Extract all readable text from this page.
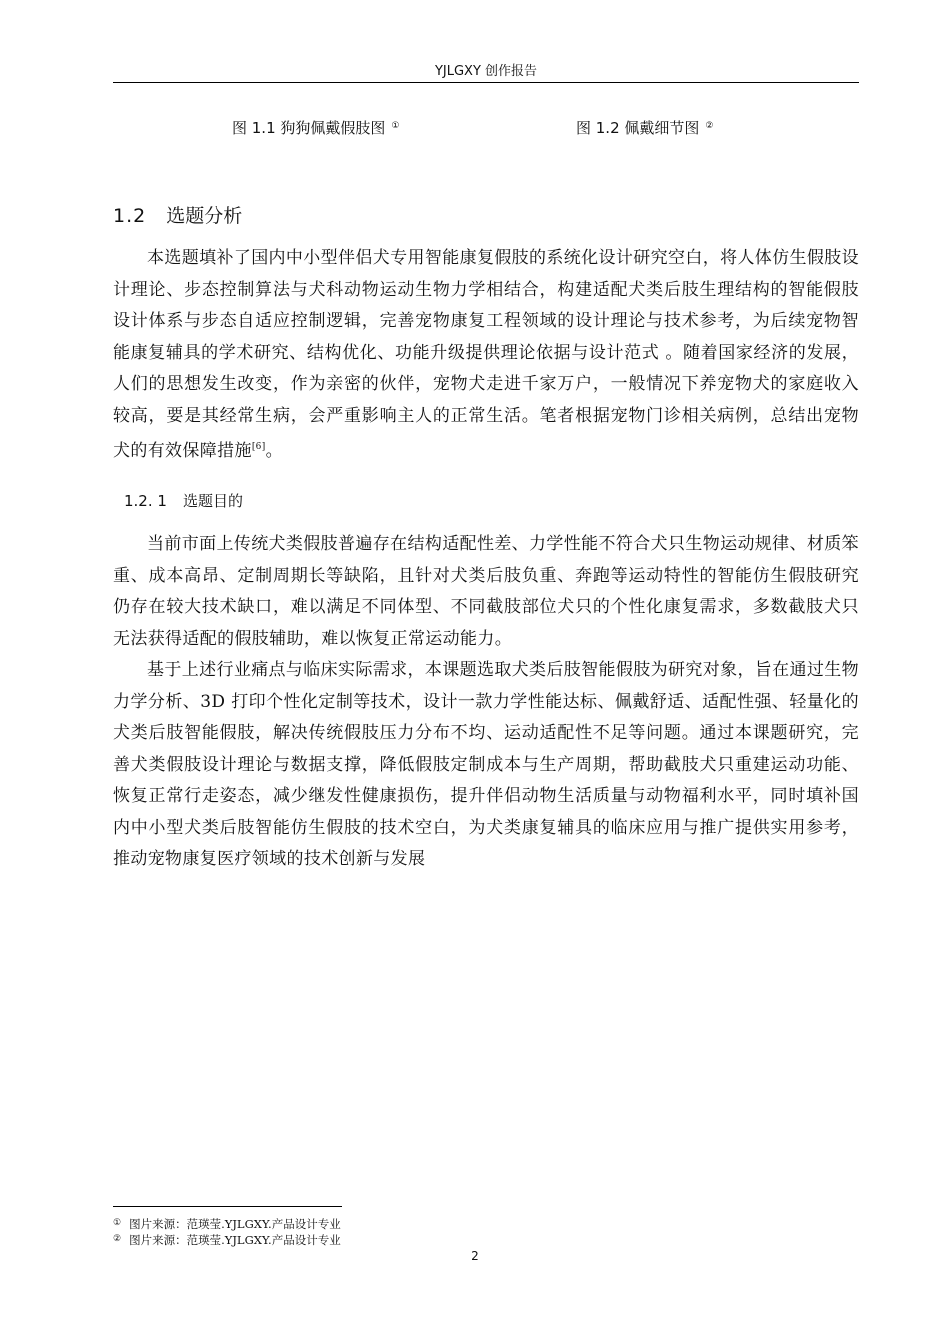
YJLGXY 创作报告
图 1.1 狗狗佩戴假肢图 ①	图 1.2 佩戴细节图 ②
1.2 选题分析

本选题填补了国内中小型伴侣犬专用智能康复假肢的系统化设计研究空白，将人体仿生假肢设计理论、步态控制算法与犬科动物运动生物力学相结合，构建适配犬类后肢生理结构的智能假肢设计体系与步态自适应控制逻辑，完善宠物康复工程领域的设计理论与技术参考，为后续宠物智能康复辅具的学术研究、结构优化、功能升级提供理论依据与设计范式 。随着国家经济的发展，人们的思想发生改变，作为亲密的伙伴，宠物犬走进千家万户，一般情况下养宠物犬的家庭收入较高，要是其经常生病，会严重影响主人的正常生活。笔者根据宠物门诊相关病例，总结出宠物犬的有效保障措施[6]。

1.2. 1 选题目的

当前市面上传统犬类假肢普遍存在结构适配性差、力学性能不符合犬只生物运动规律、材质笨重、成本高昂、定制周期长等缺陷，且针对犬类后肢负重、奔跑等运动特性的智能仿生假肢研究仍存在较大技术缺口，难以满足不同体型、不同截肢部位犬只的个性化康复需求，多数截肢犬只无法获得适配的假肢辅助，难以恢复正常运动能力。

基于上述行业痛点与临床实际需求，本课题选取犬类后肢智能假肢为研究对象，旨在通过生物力学分析、3D 打印个性化定制等技术，设计一款力学性能达标、佩戴舒适、适配性强、轻量化的犬类后肢智能假肢，解决传统假肢压力分布不均、运动适配性不足等问题。通过本课题研究，完善犬类假肢设计理论与数据支撑，降低假肢定制成本与生产周期，帮助截肢犬只重建运动功能、恢复正常行走姿态，减少继发性健康损伤，提升伴侣动物生活质量与动物福利水平，同时填补国内中小型犬类后肢智能仿生假肢的技术空白，为犬类康复辅具的临床应用与推广提供实用参考，推动宠物康复医疗领域的技术创新与发展

① 图片来源：范瑛莹.YJLGXY.产品设计专业
② 图片来源：范瑛莹.YJLGXY.产品设计专业
2
